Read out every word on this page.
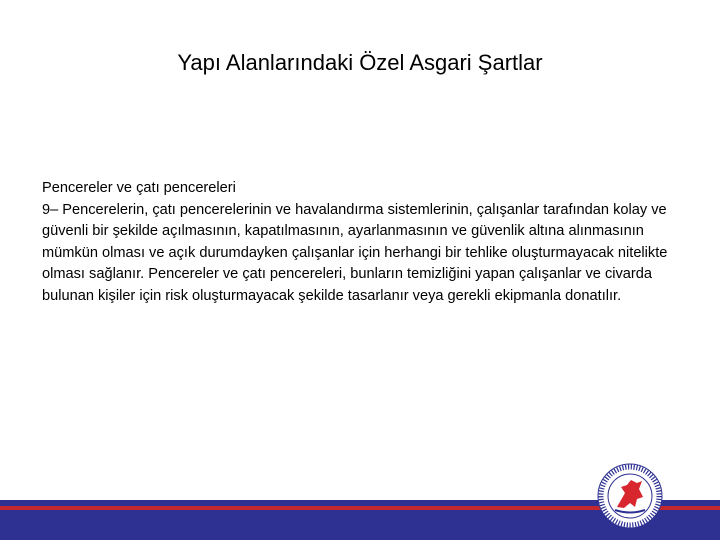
Yapı Alanlarındaki Özel Asgari Şartlar

Pencereler ve çatı pencereleri

9– Pencerelerin, çatı pencerelerinin ve havalandırma sistemlerinin, çalışanlar tarafından kolay ve güvenli bir şekilde açılmasının, kapatılmasının, ayarlanmasının ve güvenlik altına alınmasının mümkün olması ve açık durumdayken çalışanlar için herhangi bir tehlike oluşturmayacak nitelikte olması sağlanır. Pencereler ve çatı pencereleri, bunların temizliğini yapan çalışanlar ve civarda bulunan kişiler için risk oluşturmayacak şekilde tasarlanır veya gerekli ekipmanla donatılır.
